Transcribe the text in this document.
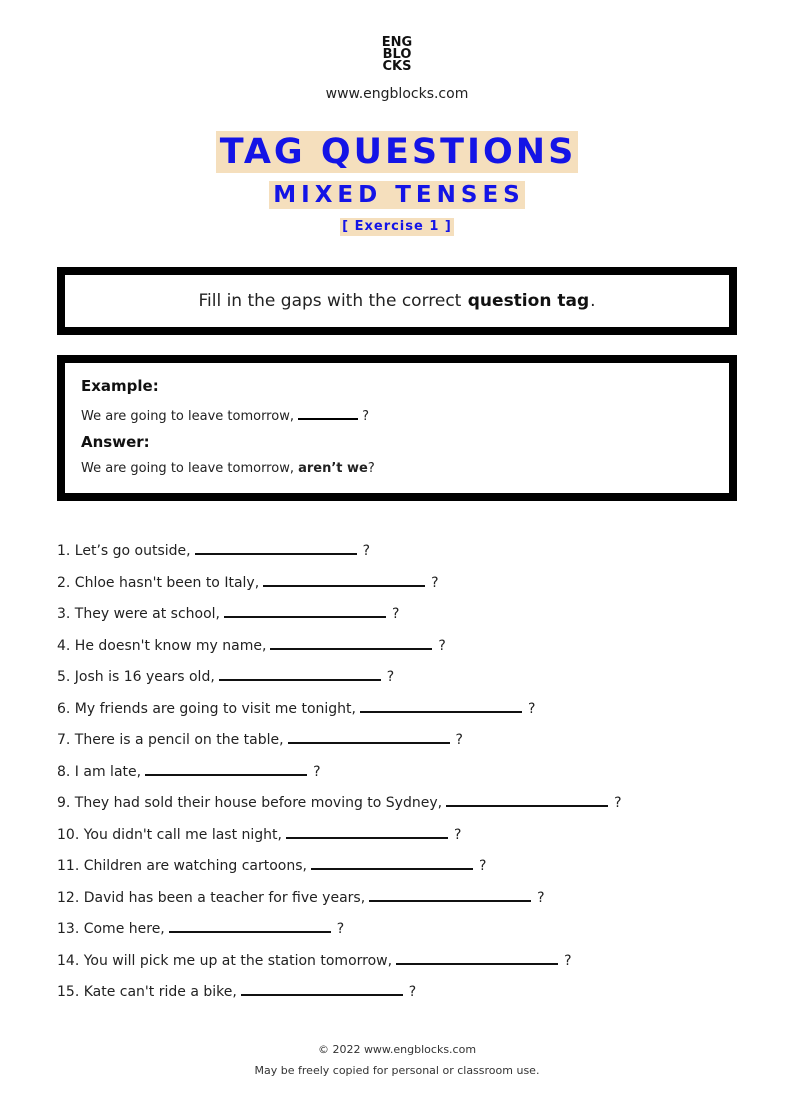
ENG
BLO
CKS
www.engblocks.com
TAG QUESTIONS
MIXED TENSES
[ Exercise 1 ]
Fill in the gaps with the correct question tag.
Example:
We are going to leave tomorrow,	?
Answer:
We are going to leave tomorrow, aren’t we?
1. Let’s go outside,	?
2. Chloe hasn't been to Italy,	?
3. They were at school,	?
4. He doesn't know my name,	?
5. Josh is 16 years old,	?
6. My friends are going to visit me tonight,	?
7. There is a pencil on the table,	?
8. I am late,	?
9. They had sold their house before moving to Sydney,	?
10. You didn't call me last night,	?
11. Children are watching cartoons,	?
12. David has been a teacher for five years,	?
13. Come here,	?
14. You will pick me up at the station tomorrow,	?
15. Kate can't ride a bike,	?
© 2022 www.engblocks.com
May be freely copied for personal or classroom use.
